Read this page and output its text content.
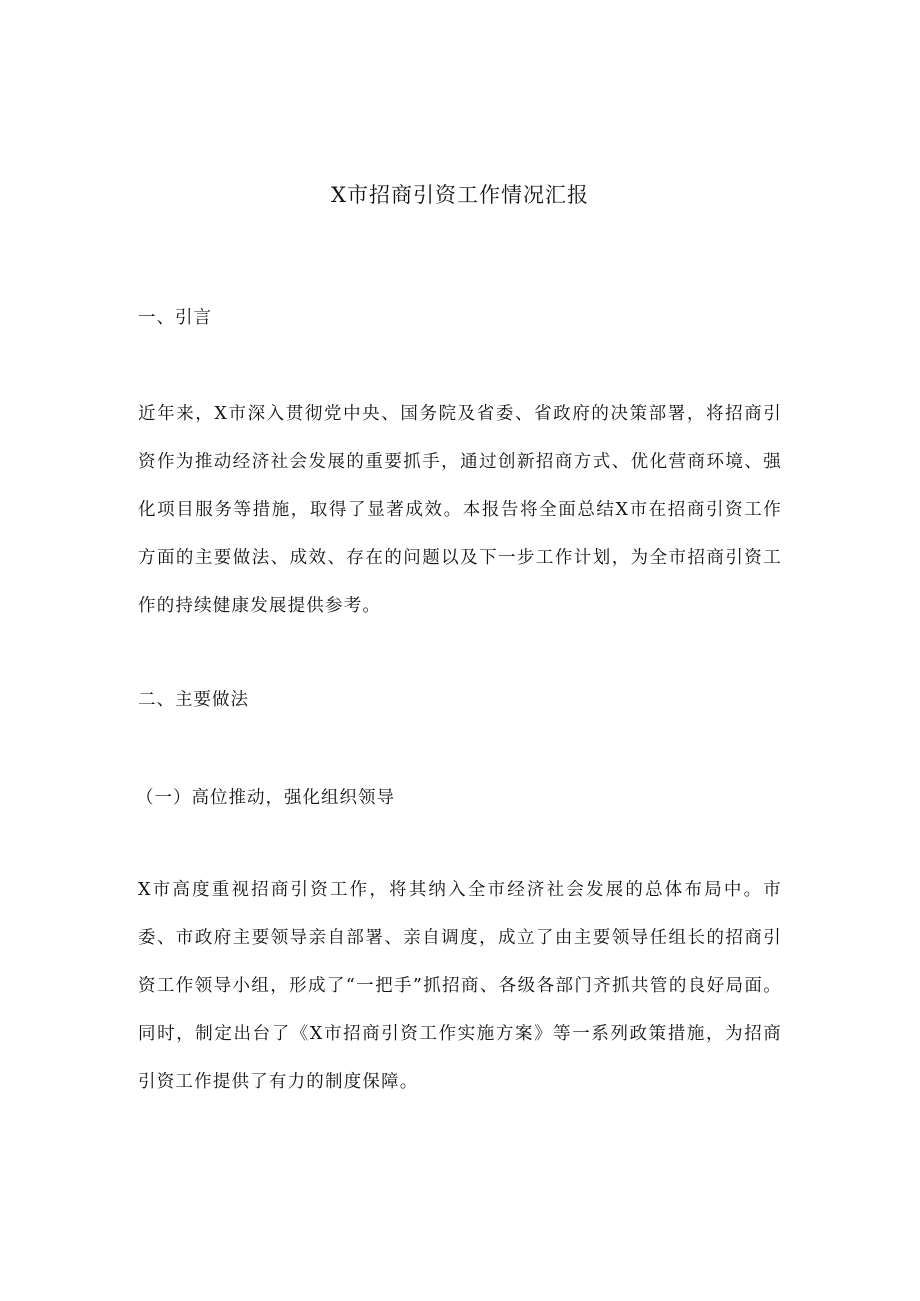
X市招商引资工作情况汇报
一、引言
近年来，X市深入贯彻党中央、国务院及省委、省政府的决策部署，将招商引资作为推动经济社会发展的重要抓手，通过创新招商方式、优化营商环境、强化项目服务等措施，取得了显著成效。本报告将全面总结X市在招商引资工作方面的主要做法、成效、存在的问题以及下一步工作计划，为全市招商引资工作的持续健康发展提供参考。
二、主要做法
（一）高位推动，强化组织领导
X市高度重视招商引资工作，将其纳入全市经济社会发展的总体布局中。市委、市政府主要领导亲自部署、亲自调度，成立了由主要领导任组长的招商引资工作领导小组，形成了“一把手”抓招商、各级各部门齐抓共管的良好局面。同时，制定出台了《X市招商引资工作实施方案》等一系列政策措施，为招商引资工作提供了有力的制度保障。
